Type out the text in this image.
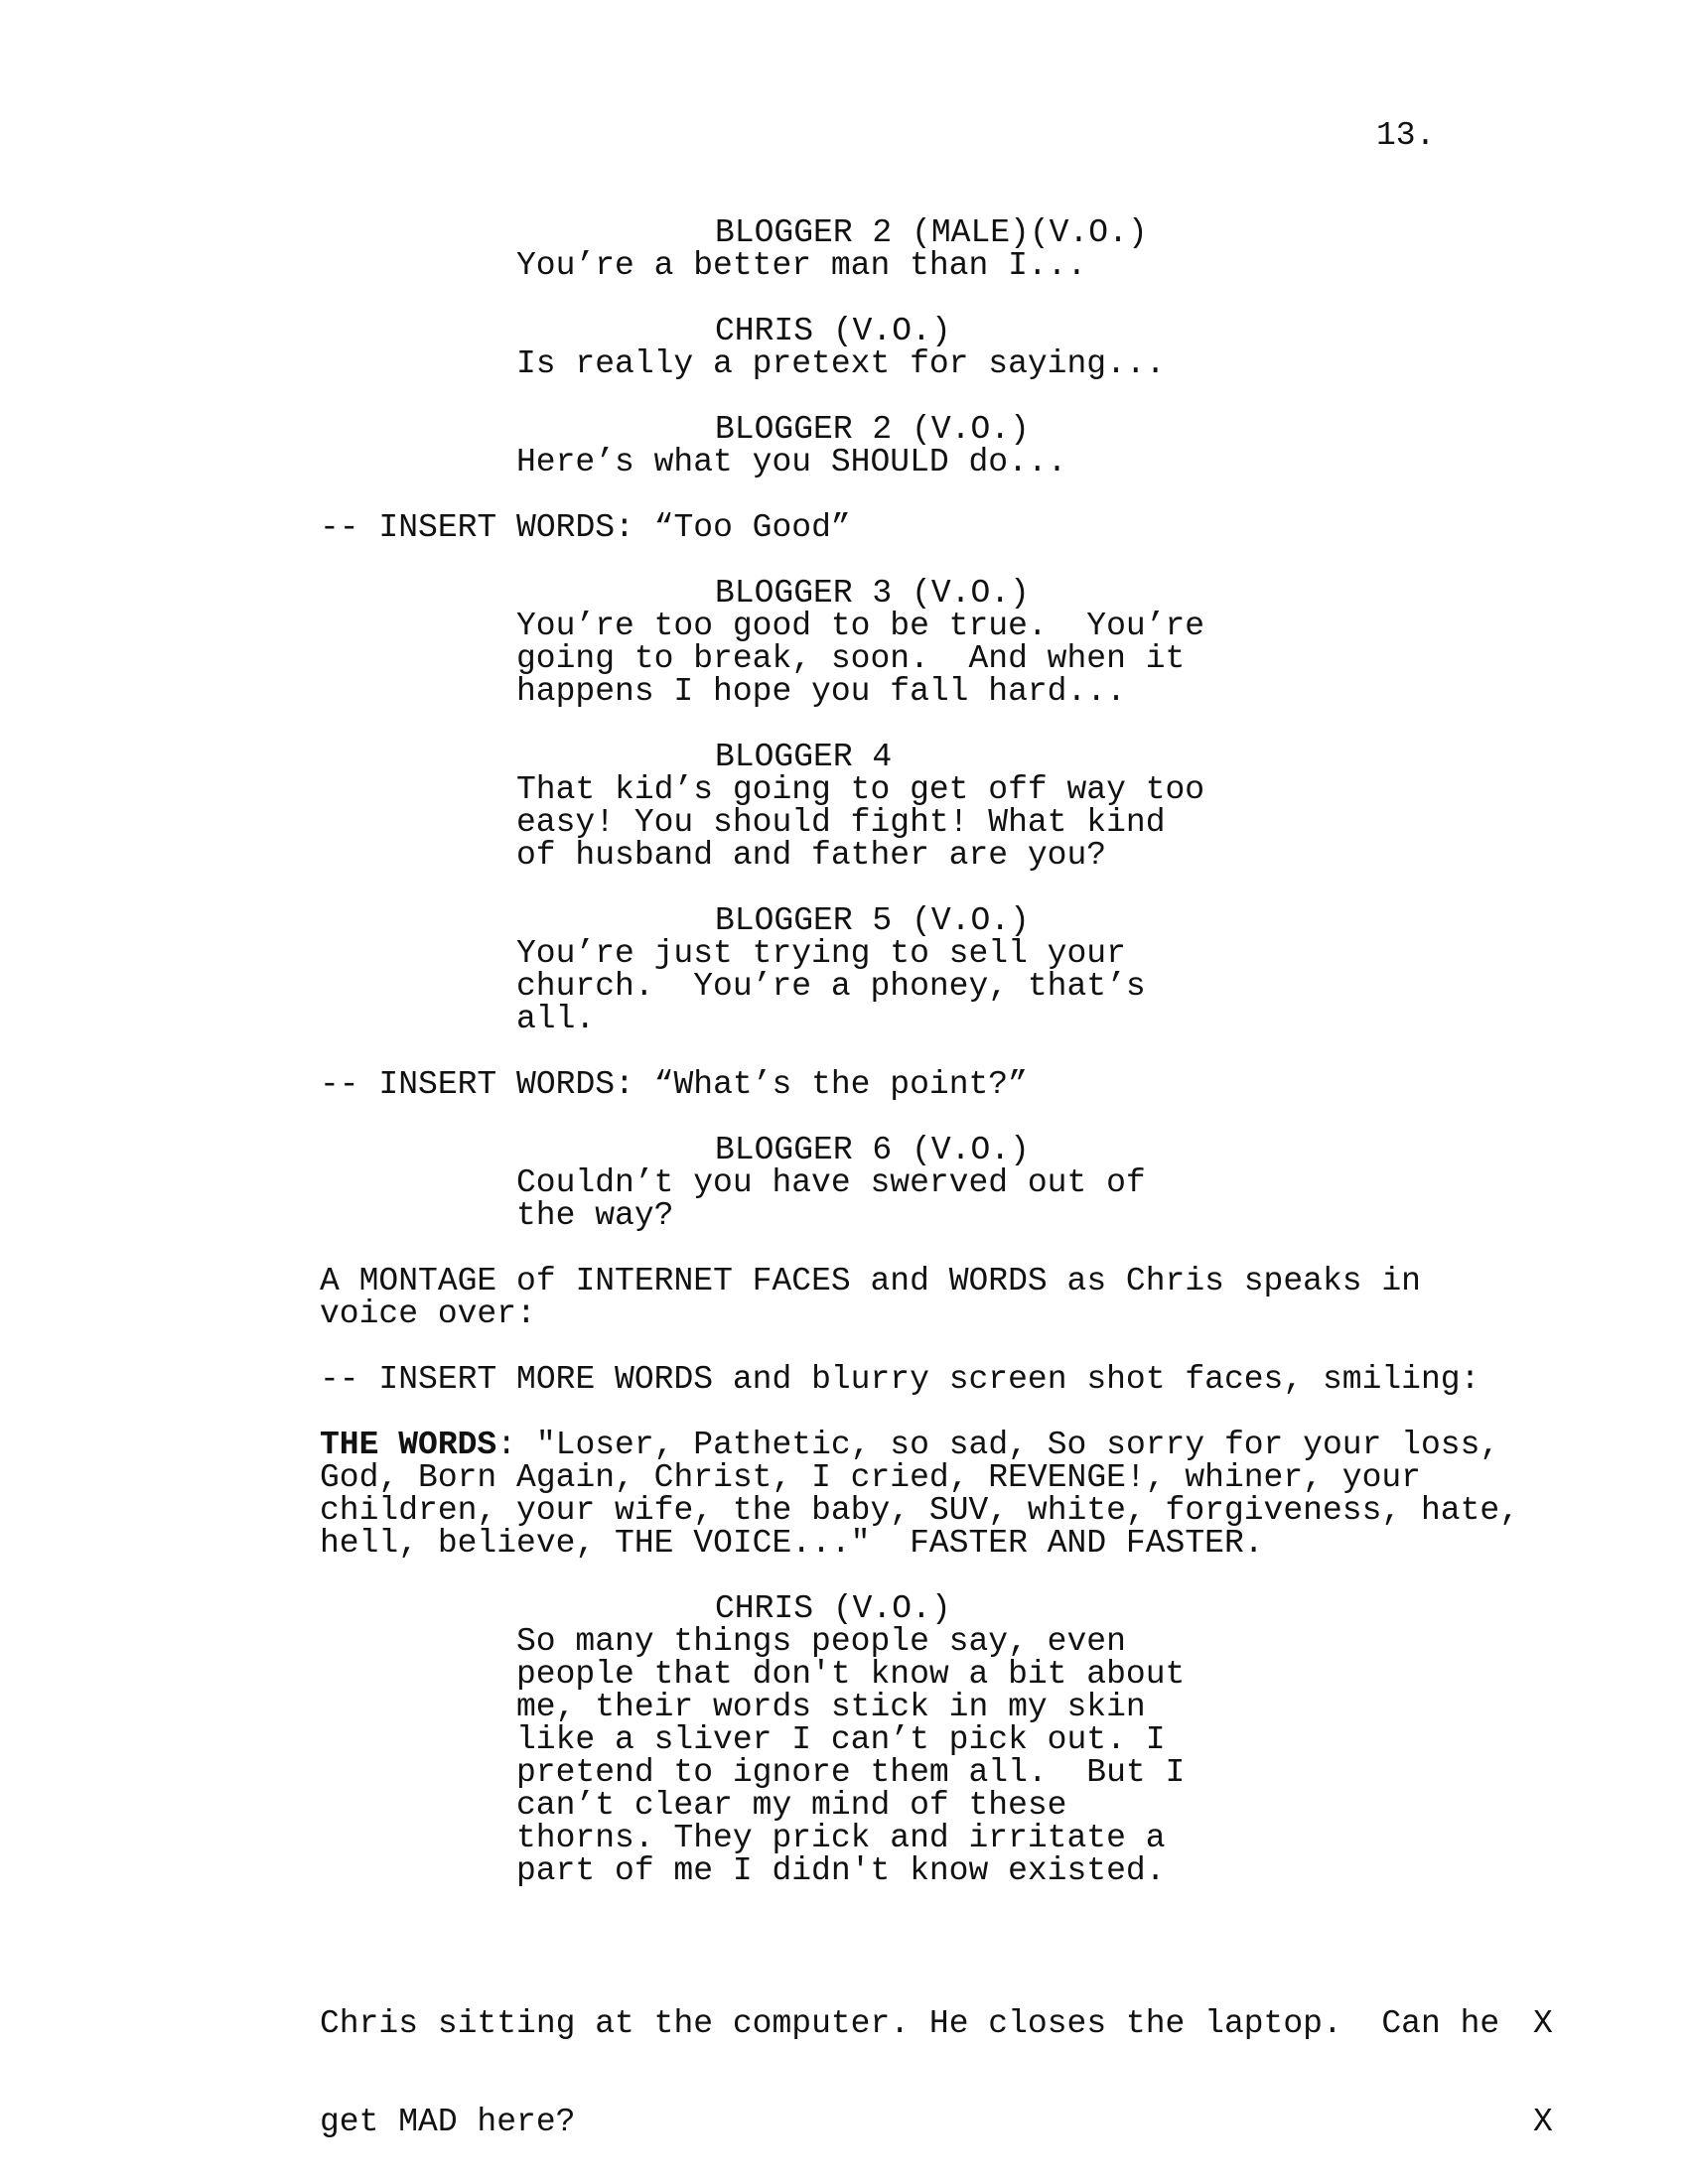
13.
BLOGGER 2 (MALE)(V.O.)
You’re a better man than I...
CHRIS (V.O.)
Is really a pretext for saying...
BLOGGER 2 (V.O.)
Here’s what you SHOULD do...
-- INSERT WORDS: “Too Good”
BLOGGER 3 (V.O.)
You’re too good to be true.  You’re
going to break, soon.  And when it
happens I hope you fall hard...
BLOGGER 4
That kid’s going to get off way too
easy! You should fight! What kind
of husband and father are you?
BLOGGER 5 (V.O.)
You’re just trying to sell your
church.  You’re a phoney, that’s
all.
-- INSERT WORDS: “What’s the point?”
BLOGGER 6 (V.O.)
Couldn’t you have swerved out of
the way?
A MONTAGE of INTERNET FACES and WORDS as Chris speaks in
voice over:
-- INSERT MORE WORDS and blurry screen shot faces, smiling:
THE WORDS: "Loser, Pathetic, so sad, So sorry for your loss,
God, Born Again, Christ, I cried, REVENGE!, whiner, your
children, your wife, the baby, SUV, white, forgiveness, hate,
hell, believe, THE VOICE..."  FASTER AND FASTER.
CHRIS (V.O.)
So many things people say, even
people that don't know a bit about
me, their words stick in my skin
like a sliver I can’t pick out. I
pretend to ignore them all.  But I
can’t clear my mind of these
thorns. They prick and irritate a
part of me I didn't know existed.

Chris sitting at the computer. He closes the laptop.  Can he

get MAD here?

X

X
